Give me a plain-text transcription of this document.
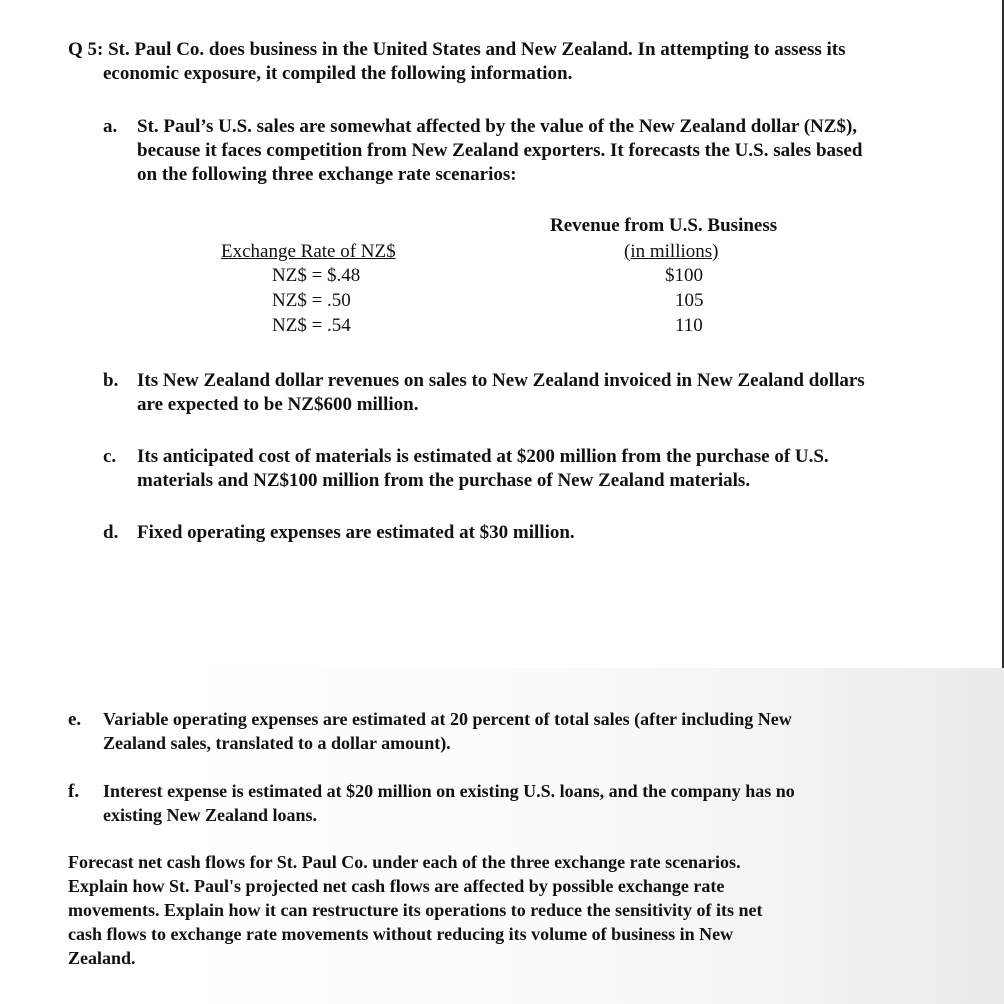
Q 5: St. Paul Co. does business in the United States and New Zealand. In attempting to assess its
economic exposure, it compiled the following information.
a. St. Paul’s U.S. sales are somewhat affected by the value of the New Zealand dollar (NZ$),
because it faces competition from New Zealand exporters. It forecasts the U.S. sales based
on the following three exchange rate scenarios:
Exchange Rate of NZ$
NZ$ = $.48
NZ$ = .50
NZ$ = .54
Revenue from U.S. Business
(in millions)
$100
105
110
b. Its New Zealand dollar revenues on sales to New Zealand invoiced in New Zealand dollars
are expected to be NZ$600 million.
c. Its anticipated cost of materials is estimated at $200 million from the purchase of U.S.
materials and NZ$100 million from the purchase of New Zealand materials.
d. Fixed operating expenses are estimated at $30 million.
e. Variable operating expenses are estimated at 20 percent of total sales (after including New
Zealand sales, translated to a dollar amount).
f. Interest expense is estimated at $20 million on existing U.S. loans, and the company has no
existing New Zealand loans.
Forecast net cash flows for St. Paul Co. under each of the three exchange rate scenarios.
Explain how St. Paul's projected net cash flows are affected by possible exchange rate
movements. Explain how it can restructure its operations to reduce the sensitivity of its net
cash flows to exchange rate movements without reducing its volume of business in New
Zealand.
